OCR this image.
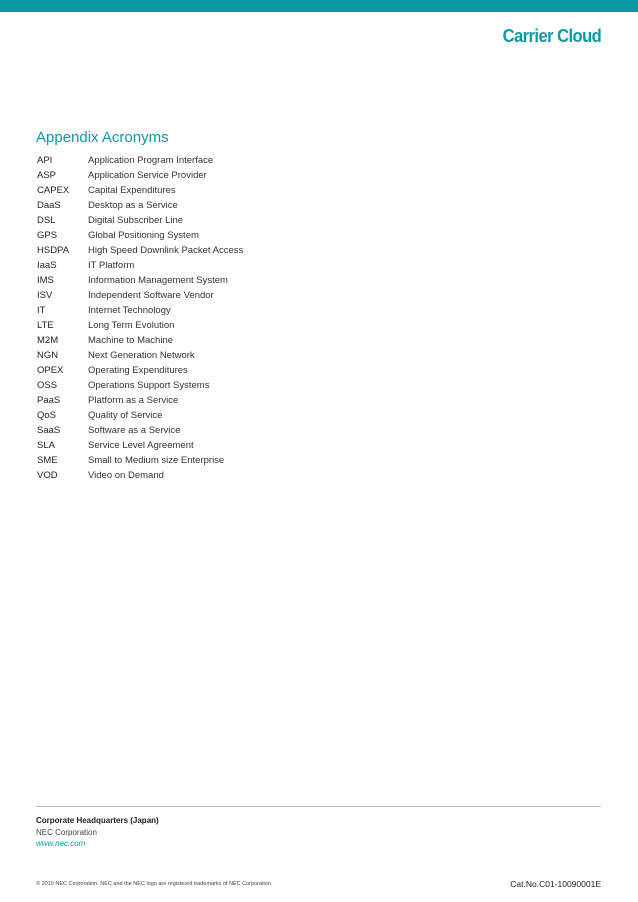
Carrier Cloud
Appendix Acronyms
API	Application Program Interface
ASP	Application Service Provider
CAPEX	Capital Expenditures
DaaS	Desktop as a Service
DSL	Digital Subscriber Line
GPS	Global Positioning System
HSDPA	High Speed Downlink Packet Access
IaaS	IT Platform
IMS	Information Management System
ISV	Independent Software Vendor
IT	Internet Technology
LTE	Long Term Evolution
M2M	Machine to Machine
NGN	Next Generation Network
OPEX	Operating Expenditures
OSS	Operations Support Systems
PaaS	Platform as a Service
QoS	Quality of Service
SaaS	Software as a Service
SLA	Service Level Agreement
SME	Small to Medium size Enterprise
VOD	Video on Demand
Corporate Headquarters (Japan)
NEC Corporation
www.nec.com
© 2010 NEC Corporation. NEC and the NEC logo are registered trademarks of NEC Corporation.	Cat.No.C01-10090001E
